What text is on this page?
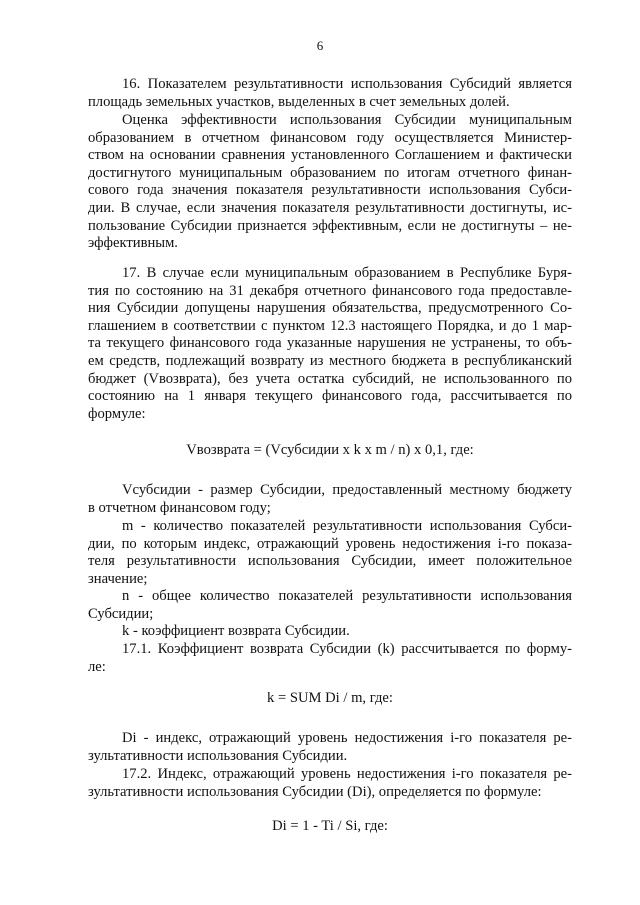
6
16. Показателем результативности использования Субсидий является
площадь земельных участков, выделенных в счет земельных долей.
Оценка эффективности использования Субсидии муниципальным
образованием в отчетном финансовом году осуществляется Министер-
ством на основании сравнения установленного Соглашением и фактически
достигнутого муниципальным образованием по итогам отчетного финан-
сового года значения показателя результативности использования Субси-
дии. В случае, если значения показателя результативности достигнуты, ис-
пользование Субсидии признается эффективным, если не достигнуты – не-
эффективным.
17. В случае если муниципальным образованием в Республике Буря-
тия по состоянию на 31 декабря отчетного финансового года предоставле-
ния Субсидии допущены нарушения обязательства, предусмотренного Со-
глашением в соответствии с пунктом 12.3 настоящего Порядка, и до 1 мар-
та текущего финансового года указанные нарушения не устранены, то объ-
ем средств, подлежащий возврату из местного бюджета в республиканский
бюджет (Vвозврата), без учета остатка субсидий, не использованного по
состоянию на 1 января текущего финансового года, рассчитывается по
формуле:
Vвозврата = (Vсубсидии x k x m / n) x 0,1, где:
Vсубсидии - размер Субсидии, предоставленный местному бюджету
в отчетном финансовом году;
m - количество показателей результативности использования Субси-
дии, по которым индекс, отражающий уровень недостижения i-го показа-
теля результативности использования Субсидии, имеет положительное
значение;
n - общее количество показателей результативности использования
Субсидии;
k - коэффициент возврата Субсидии.
17.1. Коэффициент возврата Субсидии (k) рассчитывается по форму-
ле:
k = SUM Di / m, где:
Di - индекс, отражающий уровень недостижения i-го показателя ре-
зультативности использования Субсидии.
17.2. Индекс, отражающий уровень недостижения i-го показателя ре-
зультативности использования Субсидии (Di), определяется по формуле:
Di = 1 - Ti / Si, где:
